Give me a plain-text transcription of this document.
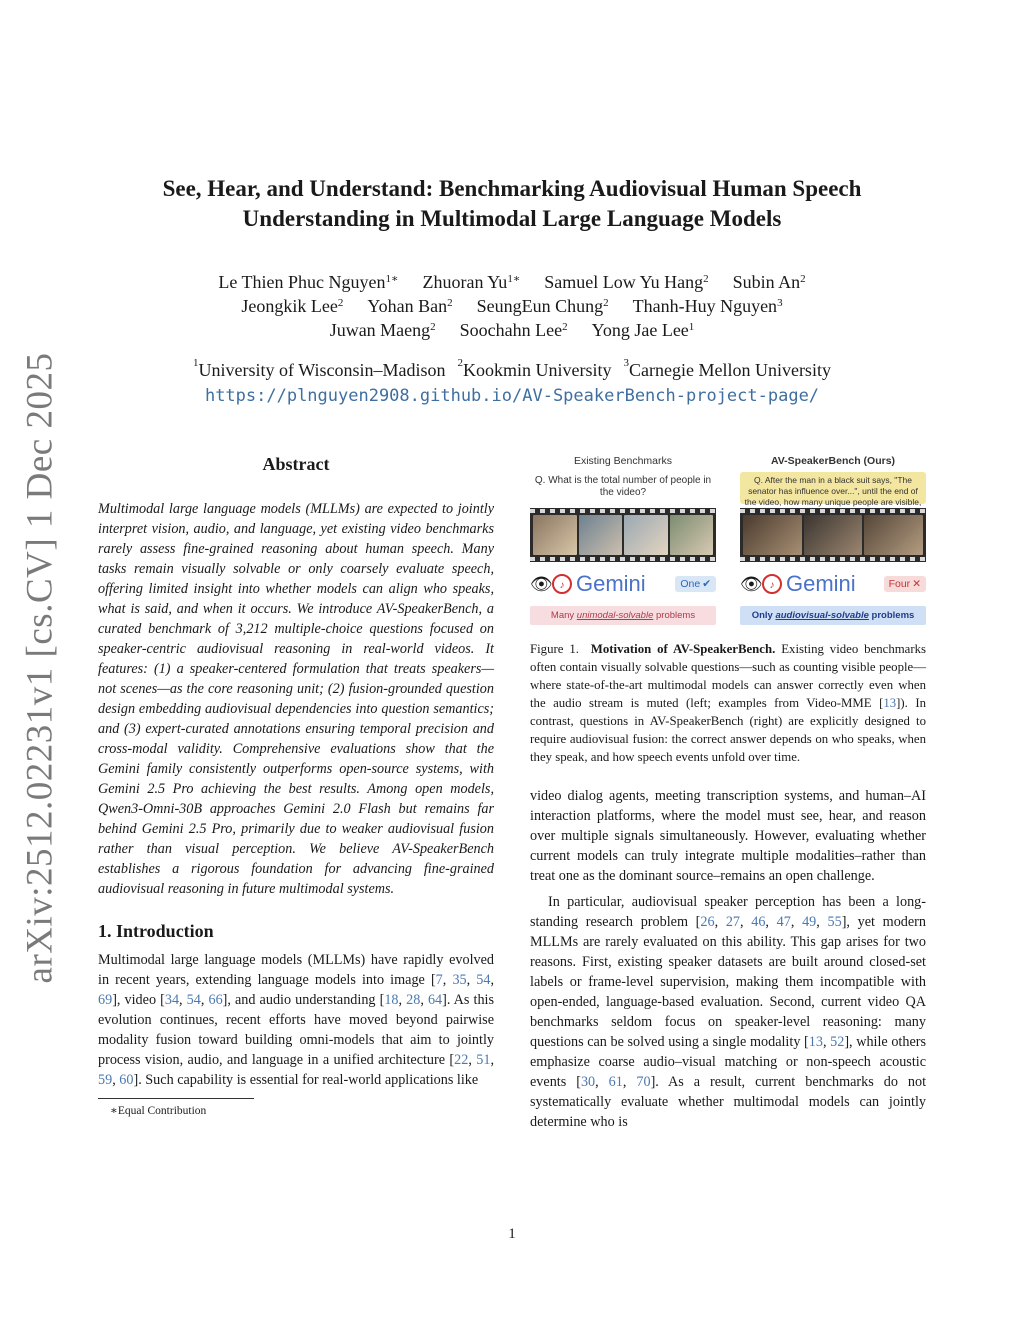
arXiv:2512.02231v1 [cs.CV] 1 Dec 2025
See, Hear, and Understand: Benchmarking Audiovisual Human Speech
Understanding in Multimodal Large Language Models
Le Thien Phuc Nguyen$^{1∗}$ Zhuoran $Yu^{1∗}$ Samuel Low Yu Hang$^2$ Subin An$^2$
Jeongkik Lee$^2$ Yohan Ban$^2$ SeungEun Chung$^2$ Thanh-Huy Nguyen$^3$
Juwan Maeng$^2$ Soochahn Lee$^2$ Yong Jae Lee$^1$
$^1$University of Wisconsin–Madison $^2$Kookmin University $^3$Carnegie Mellon University
https://plnguyen2908.github.io/AV-SpeakerBench-project-page/
Abstract

Multimodal large language models (MLLMs) are expected to jointly interpret vision, audio, and language, yet existing video benchmarks rarely assess fine-grained reasoning about human speech. Many tasks remain visually solvable or only coarsely evaluate speech, offering limited insight into whether models can align who speaks, what is said, and when it occurs. We introduce AV-SpeakerBench, a curated benchmark of 3,212 multiple-choice questions focused on speaker-centric audiovisual reasoning in real-world videos. It features: (1) a speaker-centered formulation that treats speakers—not scenes—as the core reasoning unit; (2) fusion-grounded question design embedding audiovisual dependencies into question semantics; and (3) expert-curated annotations ensuring temporal precision and cross-modal validity. Comprehensive evaluations show that the Gemini family consistently outperforms open-source systems, with Gemini 2.5 Pro achieving the best results. Among open models, Qwen3-Omni-30B approaches Gemini 2.0 Flash but remains far behind Gemini 2.5 Pro, primarily due to weaker audiovisual fusion rather than visual perception. We believe AV-SpeakerBench establishes a rigorous foundation for advancing fine-grained audiovisual reasoning in future multimodal systems.

1. Introduction

Multimodal large language models (MLLMs) have rapidly evolved in recent years, extending language models into image [7, 35, 54, 69], video [34, 54, 66], and audio understanding [18, 28, 64]. As this evolution continues, recent efforts have moved beyond pairwise modality fusion toward building omni-models that aim to jointly process vision, audio, and language in a unified architecture [22, 51, 59, 60]. Such capability is essential for real-world applications like

∗Equal Contribution
Existing Benchmarks
Q. What is the total number of people in the video?
👁 ♪ Gemini	One ✔
Many unimodal-solvable problems
AV-SpeakerBench (Ours)
Q. After the man in a black suit says, "The senator has influence over...", until the end of the video, how many unique people are visible,
👁 ♪ Gemini	Four ✕
Only audiovisual-solvable problems

Figure 1. Motivation of AV-SpeakerBench. Existing video benchmarks often contain visually solvable questions—such as counting visible people—where state-of-the-art multimodal models can answer correctly even when the audio stream is muted (left; examples from Video-MME [13]). In contrast, questions in AV-SpeakerBench (right) are explicitly designed to require audiovisual fusion: the correct answer depends on who speaks, when they speak, and how speech events unfold over time.

video dialog agents, meeting transcription systems, and human–AI interaction platforms, where the model must see, hear, and reason over multiple signals simultaneously. However, evaluating whether current models can truly integrate multiple modalities–rather than treat one as the dominant source–remains an open challenge.

In particular, audiovisual speaker perception has been a long-standing research problem [26, 27, 46, 47, 49, 55], yet modern MLLMs are rarely evaluated on this ability. This gap arises for two reasons. First, existing speaker datasets are built around closed-set labels or frame-level supervision, making them incompatible with open-ended, language-based evaluation. Second, current video QA benchmarks seldom focus on speaker-level reasoning: many questions can be solved using a single modality [13, 52], while others emphasize coarse audio–visual matching or non-speech acoustic events [30, 61, 70]. As a result, current benchmarks do not systematically evaluate whether multimodal models can jointly determine who is

1
